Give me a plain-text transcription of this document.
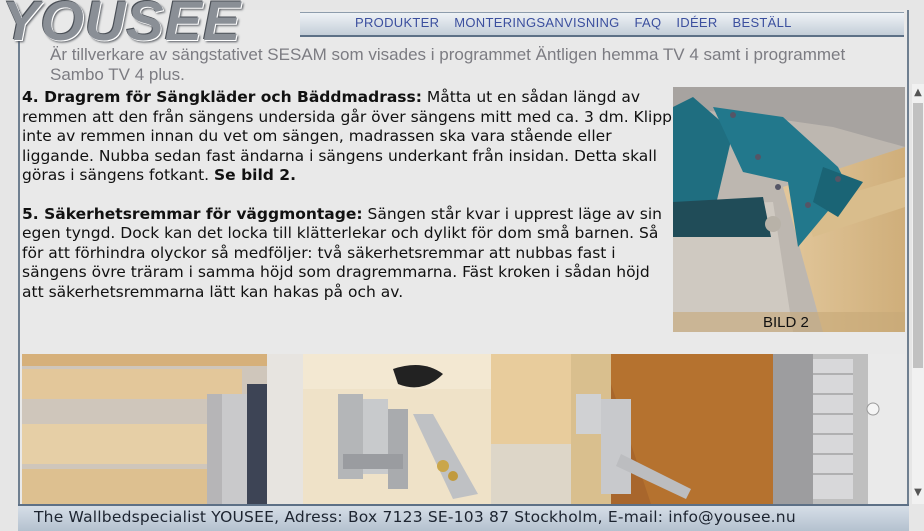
YOUSEE	PRODUKTER MONTERINGSANVISNING FAQ IDÉER BESTÄLL
Är tillverkare av sängstativet SESAM som visades i programmet Äntligen hemma TV 4 samt i programmet Sambo TV 4 plus.

4. Dragrem för Sängkläder och Bäddmadrass: Måtta ut en sådan längd av remmen att den från sängens undersida går över sängens mitt med ca. 3 dm. Klipp inte av remmen innan du vet om sängen, madrassen ska vara stående eller liggande. Nubba sedan fast ändarna i sängens underkant från insidan. Detta skall göras i sängens fotkant. Se bild 2.

5. Säkerhetsremmar för väggmontage: Sängen står kvar i upprest läge av sin egen tyngd. Dock kan det locka till klätterlekar och dylikt för dom små barnen. Så för att förhindra olyckor så medföljer: två säkerhetsremmar att nubbas fast i sängens övre träram i samma höjd som dragremmarna. Fäst kroken i sådan höjd att säkerhetsremmarna lätt kan hakas på och av.

BILD 2
The Wallbedspecialist YOUSEE, Adress: Box 7123 SE-103 87 Stockholm, E-mail: info@yousee.nu
▲
▼
